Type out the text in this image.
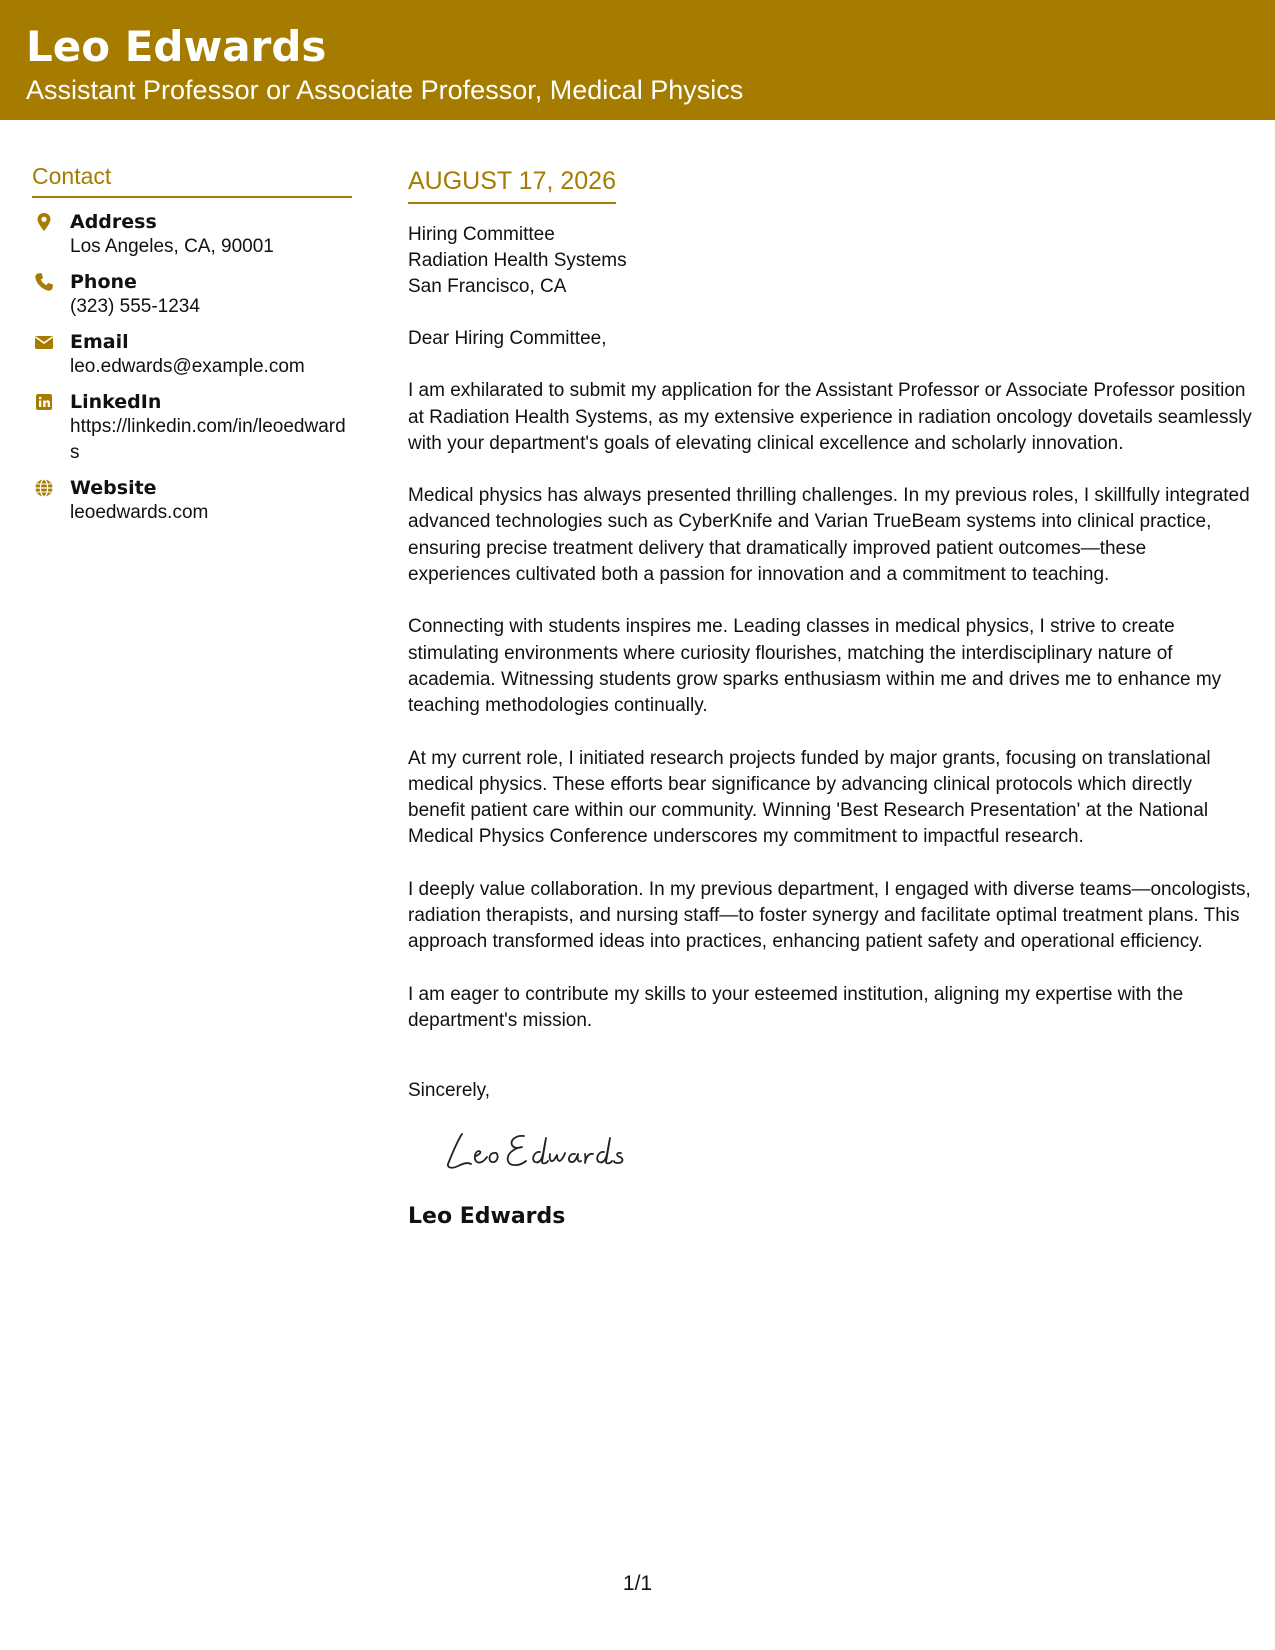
Leo Edwards
Assistant Professor or Associate Professor, Medical Physics
Contact
Address
Los Angeles, CA, 90001
Phone
(323) 555-1234
Email
leo.edwards@example.com
LinkedIn
https://linkedin.com/in/leoedwards
Website
leoedwards.com
AUGUST 17, 2026
Hiring Committee
Radiation Health Systems
San Francisco, CA

Dear Hiring Committee,

I am exhilarated to submit my application for the Assistant Professor or Associate Professor position at Radiation Health Systems, as my extensive experience in radiation oncology dovetails seamlessly with your department's goals of elevating clinical excellence and scholarly innovation.

Medical physics has always presented thrilling challenges. In my previous roles, I skillfully integrated advanced technologies such as CyberKnife and Varian TrueBeam systems into clinical practice, ensuring precise treatment delivery that dramatically improved patient outcomes—these experiences cultivated both a passion for innovation and a commitment to teaching.

Connecting with students inspires me. Leading classes in medical physics, I strive to create stimulating environments where curiosity flourishes, matching the interdisciplinary nature of academia. Witnessing students grow sparks enthusiasm within me and drives me to enhance my teaching methodologies continually.

At my current role, I initiated research projects funded by major grants, focusing on translational medical physics. These efforts bear significance by advancing clinical protocols which directly benefit patient care within our community. Winning 'Best Research Presentation' at the National Medical Physics Conference underscores my commitment to impactful research.

I deeply value collaboration. In my previous department, I engaged with diverse teams—oncologists, radiation therapists, and nursing staff—to foster synergy and facilitate optimal treatment plans. This approach transformed ideas into practices, enhancing patient safety and operational efficiency.

I am eager to contribute my skills to your esteemed institution, aligning my expertise with the department's mission.

Sincerely,
Leo Edwards
1/1
